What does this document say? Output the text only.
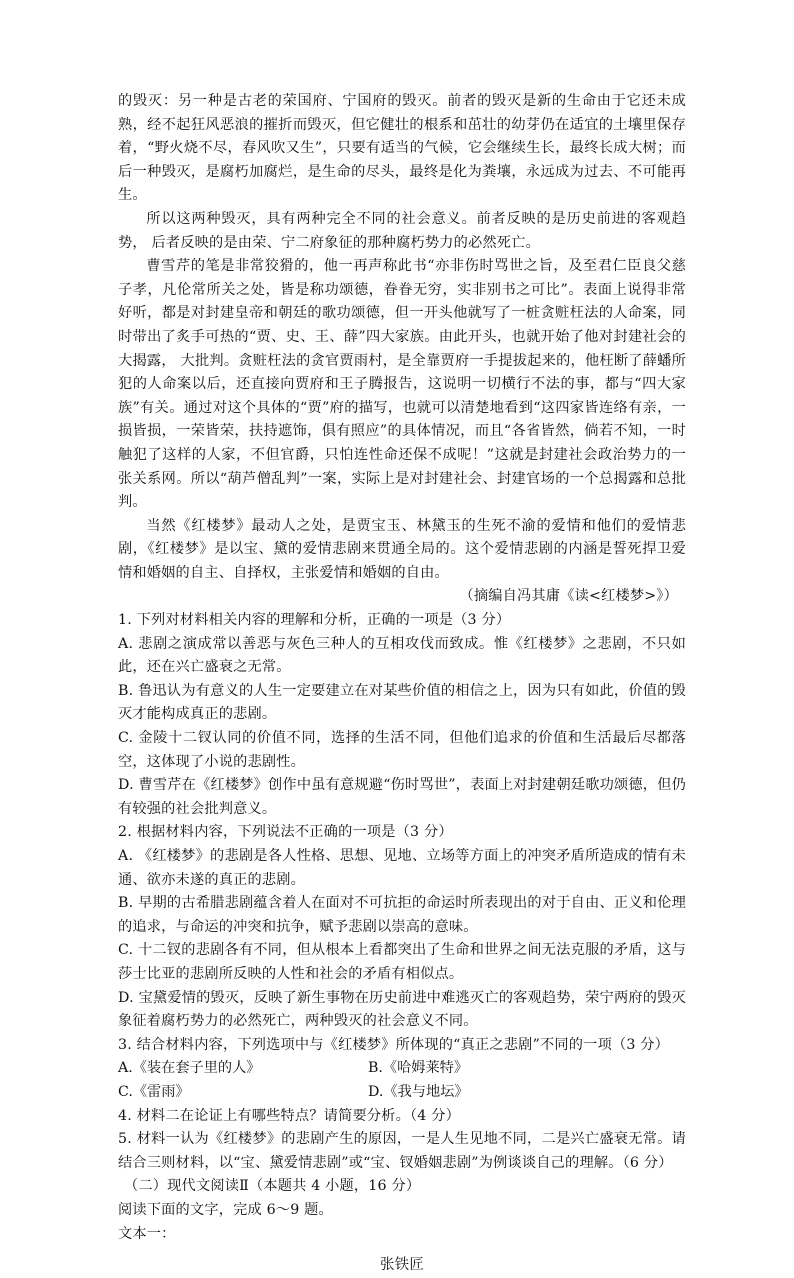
的毁灭：另一种是古老的荣国府、宁国府的毁灭。前者的毁灭是新的生命由于它还未成熟，经不起狂风恶浪的摧折而毁灭，但它健壮的根系和茁壮的幼芽仍在适宜的土壤里保存着，“野火烧不尽，春风吹又生”，只要有适当的气候，它会继续生长，最终长成大树；而后一种毁灭，是腐朽加腐烂，是生命的尽头，最终是化为粪壤，永远成为过去、不可能再生。

所以这两种毁灭，具有两种完全不同的社会意义。前者反映的是历史前进的客观趋势， 后者反映的是由荣、宁二府象征的那种腐朽势力的必然死亡。

曹雪芹的笔是非常狡猾的，他一再声称此书“亦非伤时骂世之旨，及至君仁臣良父慈子孝，凡伦常所关之处，皆是称功颂德，眷眷无穷，实非别书之可比”。表面上说得非常好听，都是对封建皇帝和朝廷的歌功颂德，但一开头他就写了一桩贪赃枉法的人命案，同时带出了炙手可热的“贾、史、王、薛”四大家族。由此开头，也就开始了他对封建社会的大揭露， 大批判。贪赃枉法的贪官贾雨村，是全靠贾府一手提拔起来的，他枉断了薛蟠所犯的人命案以后，还直接向贾府和王子腾报告，这说明一切横行不法的事，都与“四大家族”有关。通过对这个具体的“贾”府的描写，也就可以清楚地看到“这四家皆连络有亲，一损皆损，一荣皆荣，扶持遮饰，俱有照应”的具体情况，而且“各省皆然，倘若不知，一时触犯了这样的人家，不但官爵，只怕连性命还保不成呢！”这就是封建社会政治势力的一张关系网。所以“葫芦僧乱判”一案，实际上是对封建社会、封建官场的一个总揭露和总批判。

当然《红楼梦》最动人之处，是贾宝玉、林黛玉的生死不渝的爱情和他们的爱情悲剧，《红楼梦》是以宝、黛的爱情悲剧来贯通全局的。这个爱情悲剧的内涵是誓死捍卫爱情和婚姻的自主、自择权，主张爱情和婚姻的自由。

（摘编自冯其庸《读<红楼梦>》）

1. 下列对材料相关内容的理解和分析，正确的一项是（3 分）

A. 悲剧之演成常以善恶与灰色三种人的互相攻伐而致成。惟《红楼梦》之悲剧，不只如此，还在兴亡盛衰之无常。

B. 鲁迅认为有意义的人生一定要建立在对某些价值的相信之上，因为只有如此，价值的毁灭才能构成真正的悲剧。

C. 金陵十二钗认同的价值不同，选择的生活不同，但他们追求的价值和生活最后尽都落空，这体现了小说的悲剧性。

D. 曹雪芹在《红楼梦》创作中虽有意规避“伤时骂世”，表面上对封建朝廷歌功颂德，但仍有较强的社会批判意义。

2. 根据材料内容，下列说法不正确的一项是（3 分）

A. 《红楼梦》的悲剧是各人性格、思想、见地、立场等方面上的冲突矛盾所造成的情有未通、欲亦未遂的真正的悲剧。

B. 早期的古希腊悲剧蕴含着人在面对不可抗拒的命运时所表现出的对于自由、正义和伦理的追求，与命运的冲突和抗争，赋予悲剧以崇高的意味。

C. 十二钗的悲剧各有不同，但从根本上看都突出了生命和世界之间无法克服的矛盾，这与莎士比亚的悲剧所反映的人性和社会的矛盾有相似点。

D. 宝黛爱情的毁灭，反映了新生事物在历史前进中难逃灭亡的客观趋势，荣宁两府的毁灭象征着腐朽势力的必然死亡，两种毁灭的社会意义不同。

3. 结合材料内容，下列选项中与《红楼梦》所体现的“真正之悲剧”不同的一项（3 分）

A.《装在套子里的人》	B.《哈姆莱特》
C.《雷雨》	D.《我与地坛》

4. 材料二在论证上有哪些特点？请简要分析。（4 分）

5. 材料一认为《红楼梦》的悲剧产生的原因，一是人生见地不同，二是兴亡盛衰无常。请结合三则材料，以“宝、黛爱情悲剧”或“宝、钗婚姻悲剧”为例谈谈自己的理解。（6 分）

（二）现代文阅读Ⅱ（本题共 4 小题，16 分）

阅读下面的文字，完成 6～9 题。

文本一：

张铁匠
